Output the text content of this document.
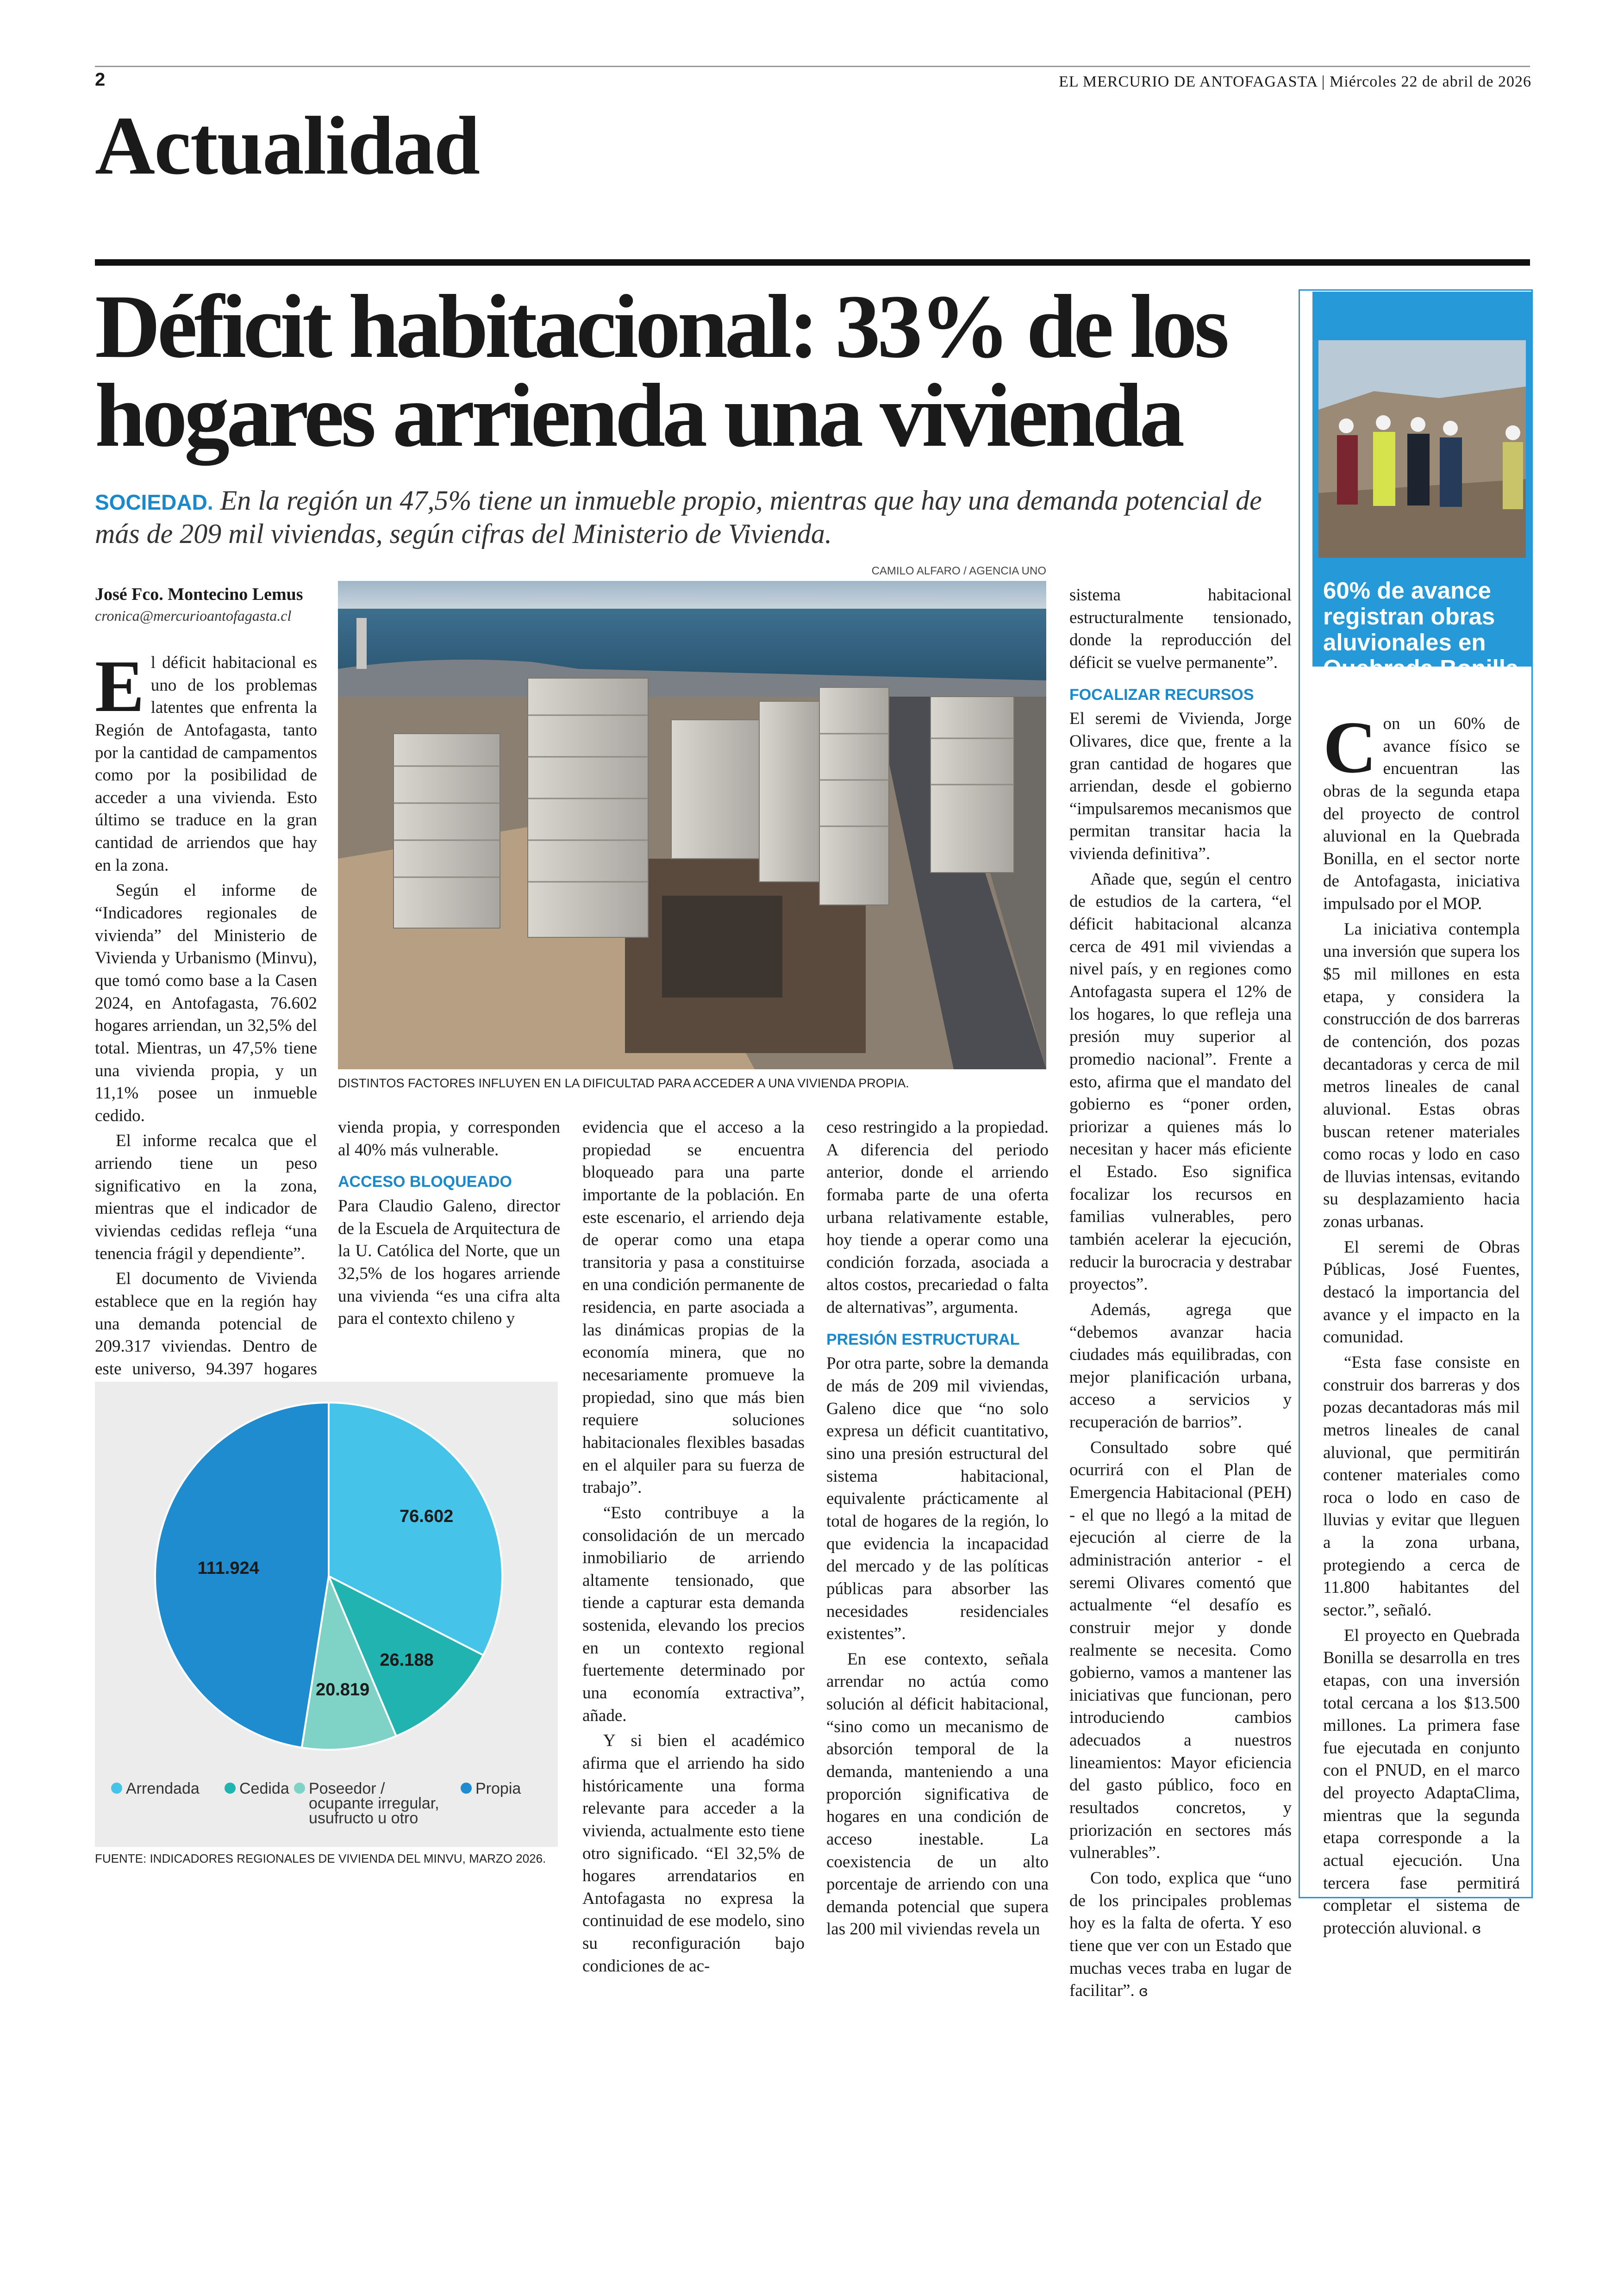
2	EL MERCURIO DE ANTOFAGASTA | Miércoles 22 de abril de 2026
Actualidad
Déficit habitacional: 33% de los hogares arrienda una vivienda
SOCIEDAD. En la región un 47,5% tiene un inmueble propio, mientras que hay una demanda potencial de más de 209 mil viviendas, según cifras del Ministerio de Vivienda.
José Fco. Montecino Lemus
cronica@mercurioantofagasta.cl
CAMILO ALFARO / AGENCIA UNO
DISTINTOS FACTORES INFLUYEN EN LA DIFICULTAD PARA ACCEDER A UNA VIVIENDA PROPIA.

El déficit habitacional es uno de los problemas latentes que enfrenta la Región de Antofagasta, tanto por la cantidad de campamentos como por la posibilidad de acceder a una vivienda. Esto último se traduce en la gran cantidad de arriendos que hay en la zona.

Según el informe de “Indicadores regionales de vivienda” del Ministerio de Vivienda y Urbanismo (Minvu), que tomó como base a la Casen 2024, en Antofagasta, 76.602 hogares arriendan, un 32,5% del total. Mientras, un 47,5% tiene una vivienda propia, y un 11,1% posee un inmueble cedido.

El informe recalca que el arriendo tiene un peso significativo en la zona, mientras que el indicador de viviendas cedidas refleja “una tenencia frágil y dependiente”.

El documento de Vivienda establece que en la región hay una demanda potencial de 209.317 viviendas. Dentro de este universo, 94.397 hogares

vienda propia, y corresponden al 40% más vulnerable.

ACCESO BLOQUEADO

Para Claudio Galeno, director de la Escuela de Arquitectura de la U. Católica del Norte, que un 32,5% de los hogares arriende una vivienda “es una cifra alta para el contexto chileno y

evidencia que el acceso a la propiedad se encuentra bloqueado para una parte importante de la población. En este escenario, el arriendo deja de operar como una etapa transitoria y pasa a constituirse en una condición permanente de residencia, en parte asociada a las dinámicas propias de la economía minera, que no necesariamente promueve la propiedad, sino que más bien requiere soluciones habitacionales flexibles basadas en el alquiler para su fuerza de trabajo”.

“Esto contribuye a la consolidación de un mercado inmobiliario de arriendo altamente tensionado, que tiende a capturar esta demanda sostenida, elevando los precios en un contexto regional fuertemente determinado por una economía extractiva”, añade.

Y si bien el académico afirma que el arriendo ha sido históricamente una forma relevante para acceder a la vivienda, actualmente esto tiene otro significado. “El 32,5% de hogares arrendatarios en Antofagasta no expresa la continuidad de ese modelo, sino su reconfiguración bajo condiciones de ac-

ceso restringido a la propiedad. A diferencia del periodo anterior, donde el arriendo formaba parte de una oferta urbana relativamente estable, hoy tiende a operar como una condición forzada, asociada a altos costos, precariedad o falta de alternativas”, argumenta.

PRESIÓN ESTRUCTURAL

Por otra parte, sobre la demanda de más de 209 mil viviendas, Galeno dice que “no solo expresa un déficit cuantitativo, sino una presión estructural del sistema habitacional, equivalente prácticamente al total de hogares de la región, lo que evidencia la incapacidad del mercado y de las políticas públicas para absorber las necesidades residenciales existentes”.

En ese contexto, señala arrendar no actúa como solución al déficit habitacional, “sino como un mecanismo de absorción temporal de la demanda, manteniendo a una proporción significativa de hogares en una condición de acceso inestable. La coexistencia de un alto porcentaje de arriendo con una demanda potencial que supera las 200 mil viviendas revela un

sistema habitacional estructuralmente tensionado, donde la reproducción del déficit se vuelve permanente”.

FOCALIZAR RECURSOS

El seremi de Vivienda, Jorge Olivares, dice que, frente a la gran cantidad de hogares que arriendan, desde el gobierno “impulsaremos mecanismos que permitan transitar hacia la vivienda definitiva”.

Añade que, según el centro de estudios de la cartera, “el déficit habitacional alcanza cerca de 491 mil viviendas a nivel país, y en regiones como Antofagasta supera el 12% de los hogares, lo que refleja una presión muy superior al promedio nacional”. Frente a esto, afirma que el mandato del gobierno es “poner orden, priorizar a quienes más lo necesitan y hacer más eficiente el Estado. Eso significa focalizar los recursos en familias vulnerables, pero también acelerar la ejecución, reducir la burocracia y destrabar proyectos”.

Además, agrega que “debemos avanzar hacia ciudades más equilibradas, con mejor planificación urbana, acceso a servicios y recuperación de barrios”.

Consultado sobre qué ocurrirá con el Plan de Emergencia Habitacional (PEH) - el que no llegó a la mitad de ejecución al cierre de la administración anterior - el seremi Olivares comentó que actualmente “el desafío es construir mejor y donde realmente se necesita. Como gobierno, vamos a mantener las iniciativas que funcionan, pero introduciendo cambios adecuados a nuestros lineamientos: Mayor eficiencia del gasto público, foco en resultados concretos, y priorización en sectores más vulnerables”.

Con todo, explica que “uno de los principales problemas hoy es la falta de oferta. Y eso tiene que ver con un Estado que muchas veces traba en lugar de facilitar”. ɞ

76.602
26.188
20.819
111.924
Arrendada	Cedida Poseedor / ocupante irregular, usufructo u otro
Propia
FUENTE: INDICADORES REGIONALES DE VIVIENDA DEL MINVU, MARZO 2026.
60% de avance registran obras aluvionales en Quebrada Bonilla

Con un 60% de avance físico se encuentran las obras de la segunda etapa del proyecto de control aluvional en la Quebrada Bonilla, en el sector norte de Antofagasta, iniciativa impulsado por el MOP.

La iniciativa contempla una inversión que supera los $5 mil millones en esta etapa, y considera la construcción de dos barreras de contención, dos pozas decantadoras y cerca de mil metros lineales de canal aluvional. Estas obras buscan retener materiales como rocas y lodo en caso de lluvias intensas, evitando su desplazamiento hacia zonas urbanas.

El seremi de Obras Públicas, José Fuentes, destacó la importancia del avance y el impacto en la comunidad.

“Esta fase consiste en construir dos barreras y dos pozas decantadoras más mil metros lineales de canal aluvional, que permitirán contener materiales como roca o lodo en caso de lluvias y evitar que lleguen a la zona urbana, protegiendo a cerca de 11.800 habitantes del sector.”, señaló.

El proyecto en Quebrada Bonilla se desarrolla en tres etapas, con una inversión total cercana a los $13.500 millones. La primera fase fue ejecutada en conjunto con el PNUD, en el marco del proyecto AdaptaClima, mientras que la segunda etapa corresponde a la actual ejecución. Una tercera fase permitirá completar el sistema de protección aluvional. ɞ
